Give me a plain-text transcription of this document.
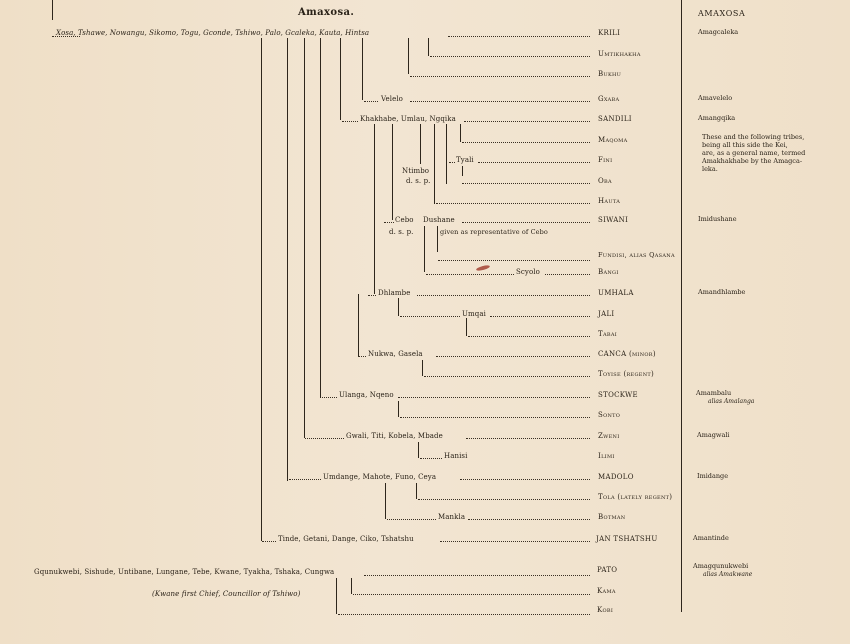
Amaxosa.	AMAXOSA
Xosa, Tshawe, Nowangu, Sikomo, Togu, Gconde, Tshiwo, Palo, Gcaleka, Kauta, Hintsa	KRILI	Amagcaleka
Umtikhakha
Bukhu
Velelo	Gxaba	Amavelelo
Khakhabe, Umlau, Ngqika	SANDILI	Amangqika
Maqoma	These and the following tribes,
being all this side the Kei,
are, as a general name, termed
Amakhakhabe by the Amagca-
leka.
Tyali	Fini
Ntimbo
d. s. p.	Oba
Hauta
Cebo Dushane	SIWANI	Imidushane
d. s. p.	given as representative of Cebo
Fundisi, alias Qasana
Scyolo	Bangi
Dhlambe	UMHALA	Amandhlambe
Umqai	JALI
Tabai
Nukwa, Gasela	CANCA (minor)
Toyise (regent)
Ulanga, Nqeno	STOCKWE	Amambalu
alias Amalanga
Sonto
Gwali, Titi, Kobela, Mbade	Zweni	Amagwali
Hanisi	Ilimi
Umdange, Mahote, Funo, Ceya	MADOLO	Imidange
Tola (lately regent)
Mankla	Botman
Tinde, Getani, Dange, Ciko, Tshatshu	JAN TSHATSHU	Amantinde
Gqunukwebi, Sishude, Untibane, Lungane, Tebe, Kwane, Tyakha, Tshaka, Cungwa	PATO	Amagqunukwebi
alias Amakwane
(Kwane first Chief, Councillor of Tshiwo)	Kama
Kobi
